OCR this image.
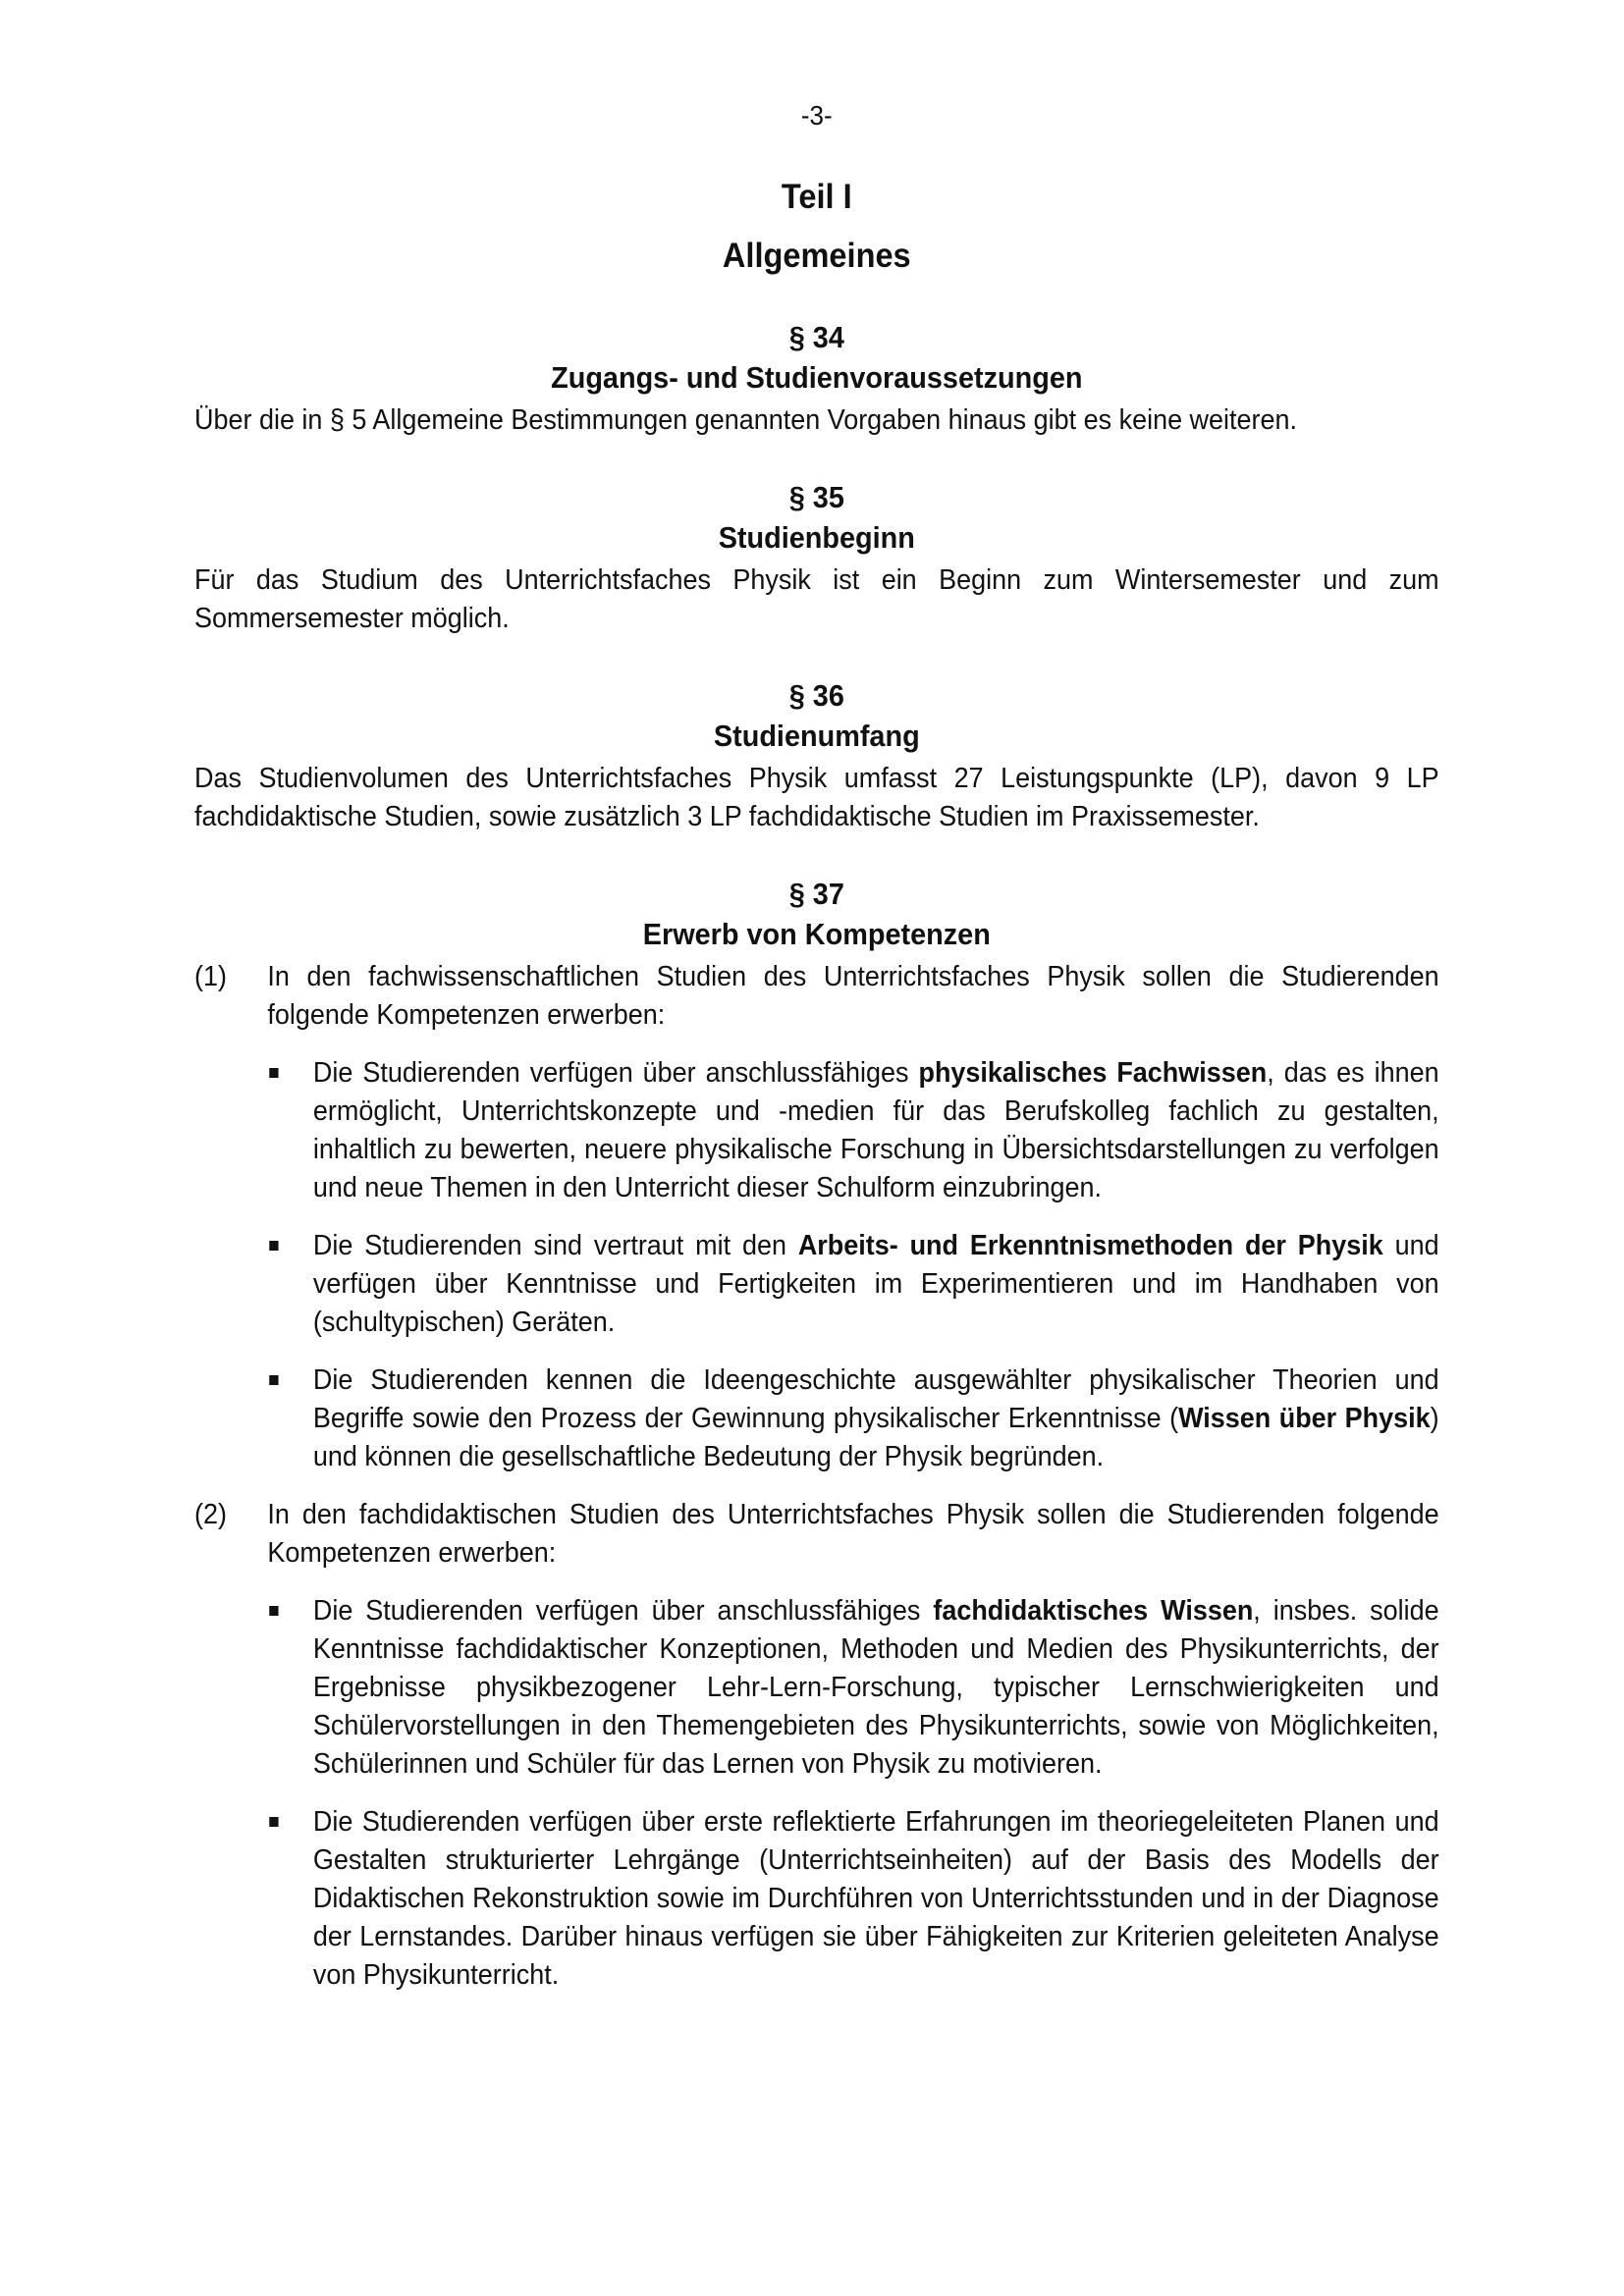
-3-
Teil I
Allgemeines
§ 34
Zugangs- und Studienvoraussetzungen

Über die in § 5 Allgemeine Bestimmungen genannten Vorgaben hinaus gibt es keine weiteren.

§ 35
Studienbeginn

Für das Studium des Unterrichtsfaches Physik ist ein Beginn zum Wintersemester und zum Sommersemester möglich.

§ 36
Studienumfang

Das Studienvolumen des Unterrichtsfaches Physik umfasst 27 Leistungspunkte (LP), davon 9 LP fachdidaktische Studien, sowie zusätzlich 3 LP fachdidaktische Studien im Praxissemester.

§ 37
Erwerb von Kompetenzen
(1) In den fachwissenschaftlichen Studien des Unterrichtsfaches Physik sollen die Studierenden folgende Kompetenzen erwerben:
Die Studierenden verfügen über anschlussfähiges physikalisches Fachwissen, das es ihnen ermöglicht, Unterrichtskonzepte und -medien für das Berufskolleg fachlich zu gestalten, inhaltlich zu bewerten, neuere physikalische Forschung in Übersichtsdarstellungen zu verfolgen und neue Themen in den Unterricht dieser Schulform einzubringen.
Die Studierenden sind vertraut mit den Arbeits- und Erkenntnismethoden der Physik und verfügen über Kenntnisse und Fertigkeiten im Experimentieren und im Handhaben von (schultypischen) Geräten.
Die Studierenden kennen die Ideengeschichte ausgewählter physikalischer Theorien und Begriffe sowie den Prozess der Gewinnung physikalischer Erkenntnisse (Wissen über Physik) und können die gesellschaftliche Bedeutung der Physik begründen.
(2) In den fachdidaktischen Studien des Unterrichtsfaches Physik sollen die Studierenden folgende Kompetenzen erwerben:
Die Studierenden verfügen über anschlussfähiges fachdidaktisches Wissen, insbes. solide Kenntnisse fachdidaktischer Konzeptionen, Methoden und Medien des Physikunterrichts, der Ergebnisse physikbezogener Lehr-Lern-Forschung, typischer Lernschwierigkeiten und Schülervorstellungen in den Themengebieten des Physikunterrichts, sowie von Möglichkeiten, Schülerinnen und Schüler für das Lernen von Physik zu motivieren.
Die Studierenden verfügen über erste reflektierte Erfahrungen im theoriegeleiteten Planen und Gestalten strukturierter Lehrgänge (Unterrichtseinheiten) auf der Basis des Modells der Didaktischen Rekonstruktion sowie im Durchführen von Unterrichtsstunden und in der Diagnose der Lernstandes. Darüber hinaus verfügen sie über Fähigkeiten zur Kriterien geleiteten Analyse von Physikunterricht.
